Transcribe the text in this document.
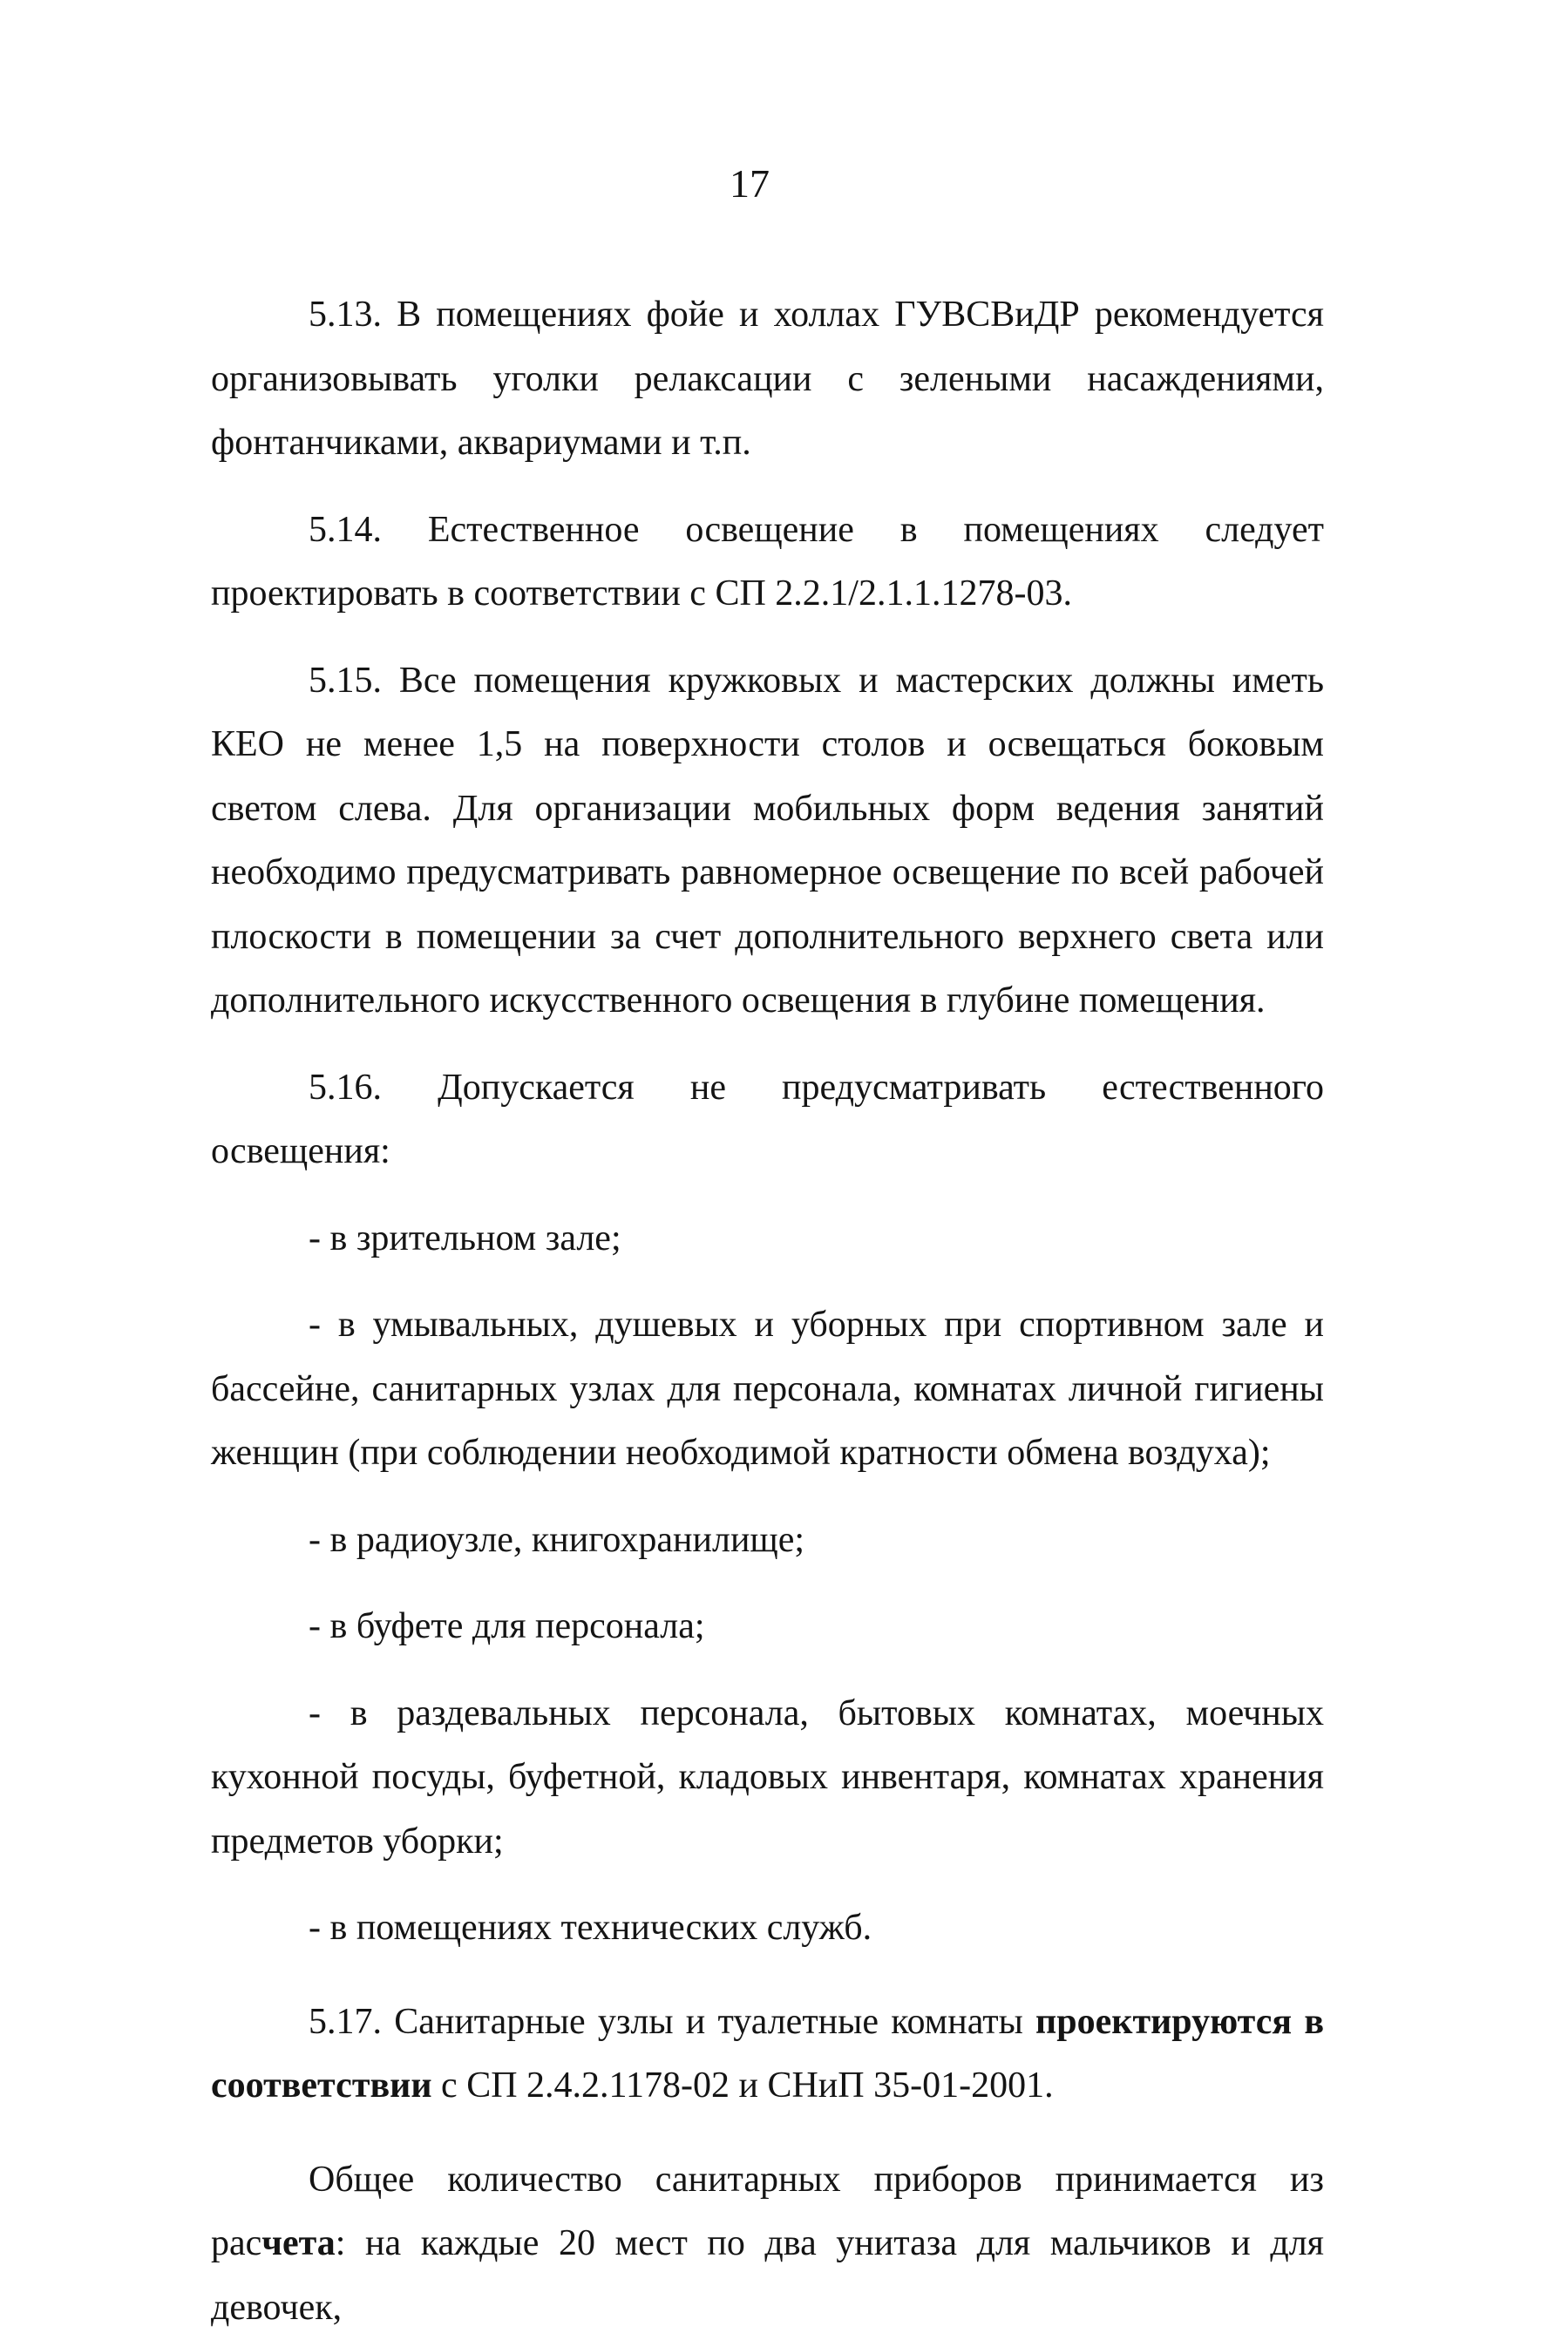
17

5.13. В помещениях фойе и холлах ГУВСВиДР рекомендуется организовывать уголки релаксации с зелеными насаждениями, фонтанчиками, аквариумами и т.п.

5.14. Естественное освещение в помещениях следует проектировать в соответствии с СП 2.2.1/2.1.1.1278-03.

5.15. Все помещения кружковых и мастерских должны иметь КЕО не менее 1,5 на поверхности столов и освещаться боковым светом слева. Для организации мобильных форм ведения занятий необходимо предусматривать равномерное освещение по всей рабочей плоскости в помещении за счет дополнительного верхнего света или дополнительного искусственного освещения в глубине помещения.

5.16. Допускается не предусматривать естественного освещения:

- в зрительном зале;

- в умывальных, душевых и уборных при спортивном зале и бассейне, санитарных узлах для персонала, комнатах личной гигиены женщин (при соблюдении необходимой кратности обмена воздуха);

- в радиоузле, книгохранилище;

- в буфете для персонала;

- в раздевальных персонала, бытовых комнатах, моечных кухонной посуды, буфетной, кладовых инвентаря, комнатах хранения предметов уборки;

- в помещениях технических служб.

5.17. Санитарные узлы и туалетные комнаты проектируются в соответствии с СП 2.4.2.1178-02 и СНиП 35-01-2001.

Общее количество санитарных приборов принимается из расчета: на каждые 20 мест по два унитаза для мальчиков и для девочек,
